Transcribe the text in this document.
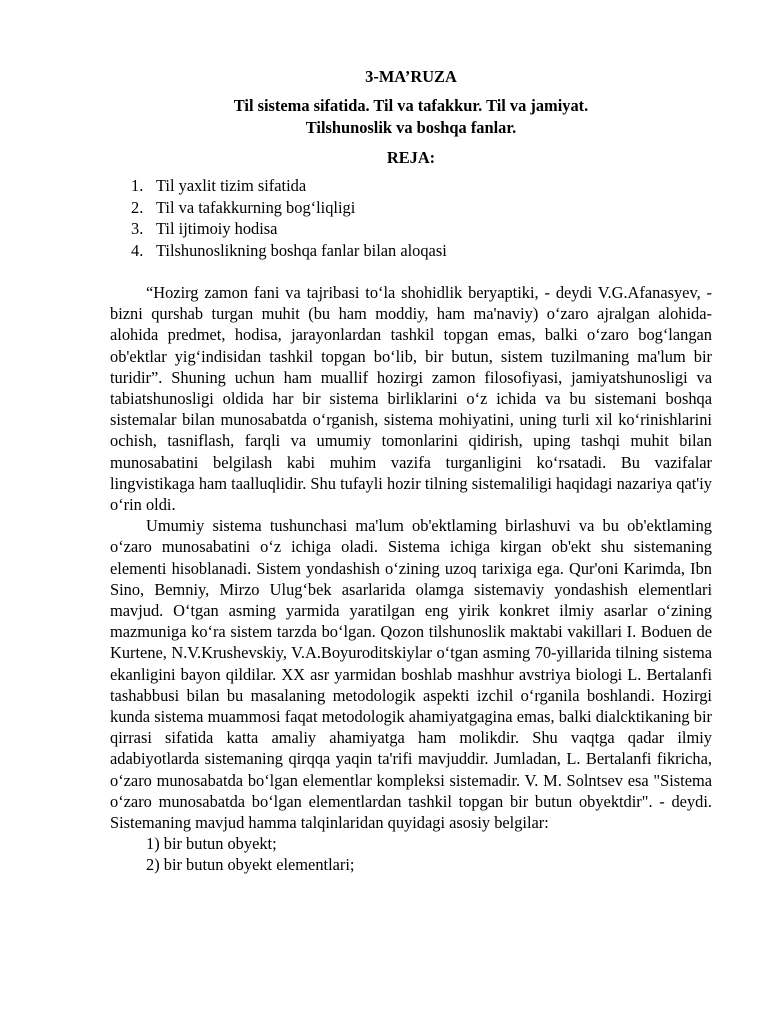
3-MA’RUZA

Til sistema sifatida. Til va tafakkur. Til va jamiyat.
Tilshunoslik va boshqa fanlar.

REJA:

1. Til yaxlit tizim sifatida
2. Til va tafakkurning bog‘liqligi
3. Til ijtimoiy hodisa
4. Tilshunoslikning boshqa fanlar bilan aloqasi

“Hozirg zamon fani va tajribasi to‘la shohidlik beryaptiki, - deydi V.G.Afanasyev, - bizni qurshab turgan muhit (bu ham moddiy, ham ma'naviy) o‘zaro ajralgan alohida-alohida predmet, hodisa, jarayonlardan tashkil topgan emas, balki o‘zaro bog‘langan ob'ektlar yig‘indisidan tashkil topgan bo‘lib, bir butun, sistem tuzilmaning ma'lum bir turidir”. Shuning uchun ham muallif hozirgi zamon filosofiyasi, jamiyatshunosligi va tabiatshunosligi oldida har bir sistema birliklarini o‘z ichida va bu sistemani boshqa sistemalar bilan munosabatda o‘rganish, sistema mohiyatini, uning turli xil ko‘rinishlarini ochish, tasniflash, farqli va umumiy tomonlarini qidirish, uping tashqi muhit bilan munosabatini belgilash kabi muhim vazifa turganligini ko‘rsatadi. Bu vazifalar lingvistikaga ham taalluqlidir. Shu tufayli hozir tilning sistemaliligi haqidagi nazariya qat'iy o‘rin oldi.

Umumiy sistema tushunchasi ma'lum ob'ektlaming birlashuvi va bu ob'ektlaming o‘zaro munosabatini o‘z ichiga oladi. Sistema ichiga kirgan ob'ekt shu sistemaning elementi hisoblanadi. Sistem yondashish o‘zining uzoq tarixiga ega. Qur'oni Karimda, Ibn Sino, Bemniy, Mirzo Ulug‘bek asarlarida olamga sistemaviy yondashish elementlari mavjud. O‘tgan asming yarmida yaratilgan eng yirik konkret ilmiy asarlar o‘zining mazmuniga ko‘ra sistem tarzda bo‘lgan. Qozon tilshunoslik maktabi vakillari I. Boduen de Kurtene, N.V.Krushevskiy, V.A.Boyuroditskiylar o‘tgan asming 70-yillarida tilning sistema ekanligini bayon qildilar. XX asr yarmidan boshlab mashhur avstriya biologi L. Bertalanfi tashabbusi bilan bu masalaning metodologik aspekti izchil o‘rganila boshlandi. Hozirgi kunda sistema muammosi faqat metodologik ahamiyatgagina emas, balki dialcktikaning bir qirrasi sifatida katta amaliy ahamiyatga ham molikdir. Shu vaqtga qadar ilmiy adabiyotlarda sistemaning qirqqa yaqin ta'rifi mavjuddir. Jumladan, L. Bertalanfi fikricha, o‘zaro munosabatda bo‘lgan elementlar kompleksi sistemadir. V. M. Solntsev esa "Sistema o‘zaro munosabatda bo‘lgan elementlardan tashkil topgan bir butun obyektdir". - deydi. Sistemaning mavjud hamma talqinlaridan quyidagi asosiy belgilar:

1) bir butun obyekt;

2) bir butun obyekt elementlari;
